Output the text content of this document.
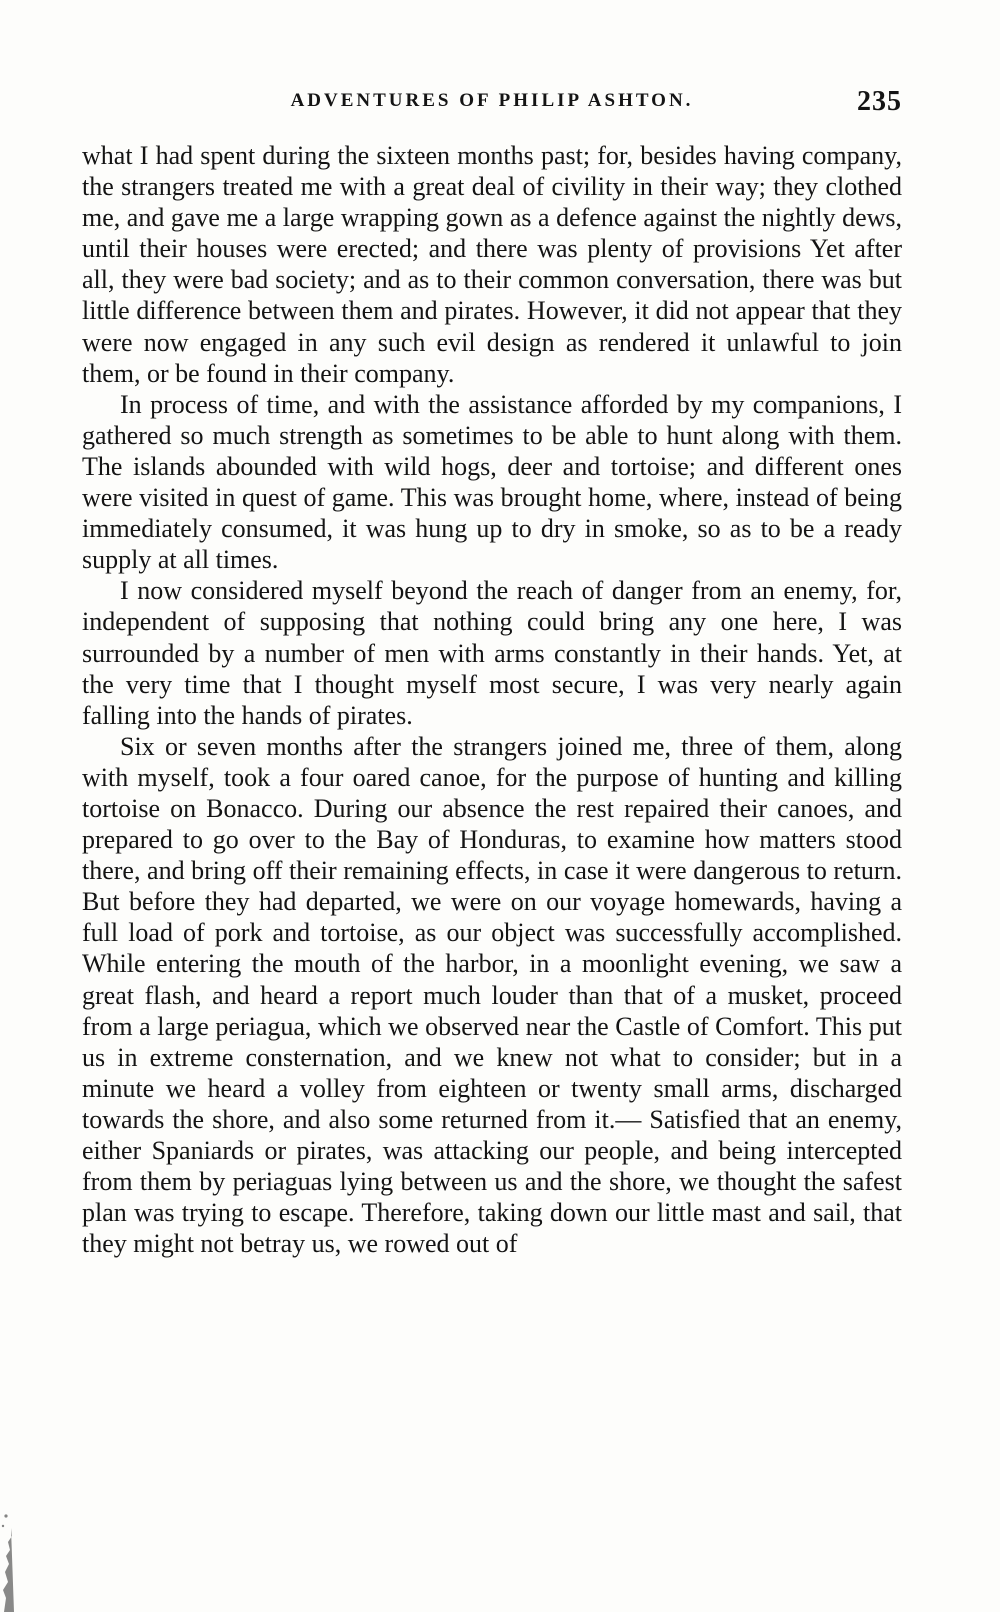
ADVENTURES OF PHILIP ASHTON.	235

what I had spent during the sixteen months past; for, besides having company, the strangers treated me with a great deal of civility in their way; they clothed me, and gave me a large wrapping gown as a defence against the nightly dews, until their houses were erected; and there was plenty of provisions Yet after all, they were bad society; and as to their common conversation, there was but little difference between them and pirates. However, it did not appear that they were now engaged in any such evil design as rendered it unlawful to join them, or be found in their company.

In process of time, and with the assistance afforded by my companions, I gathered so much strength as sometimes to be able to hunt along with them. The islands abounded with wild hogs, deer and tortoise; and different ones were visited in quest of game. This was brought home, where, instead of being immediately consumed, it was hung up to dry in smoke, so as to be a ready supply at all times.

I now considered myself beyond the reach of danger from an enemy, for, independent of supposing that nothing could bring any one here, I was surrounded by a number of men with arms constantly in their hands. Yet, at the very time that I thought myself most secure, I was very nearly again falling into the hands of pirates.

Six or seven months after the strangers joined me, three of them, along with myself, took a four oared canoe, for the purpose of hunting and killing tortoise on Bonacco. During our absence the rest repaired their canoes, and prepared to go over to the Bay of Honduras, to examine how matters stood there, and bring off their remaining effects, in case it were dangerous to return. But before they had departed, we were on our voyage homewards, having a full load of pork and tortoise, as our object was successfully accomplished. While entering the mouth of the harbor, in a moonlight evening, we saw a great flash, and heard a report much louder than that of a musket, proceed from a large periagua, which we observed near the Castle of Comfort. This put us in extreme consternation, and we knew not what to consider; but in a minute we heard a volley from eighteen or twenty small arms, discharged towards the shore, and also some returned from it.— Satisfied that an enemy, either Spaniards or pirates, was attacking our people, and being intercepted from them by periaguas lying between us and the shore, we thought the safest plan was trying to escape. Therefore, taking down our little mast and sail, that they might not betray us, we rowed out of
